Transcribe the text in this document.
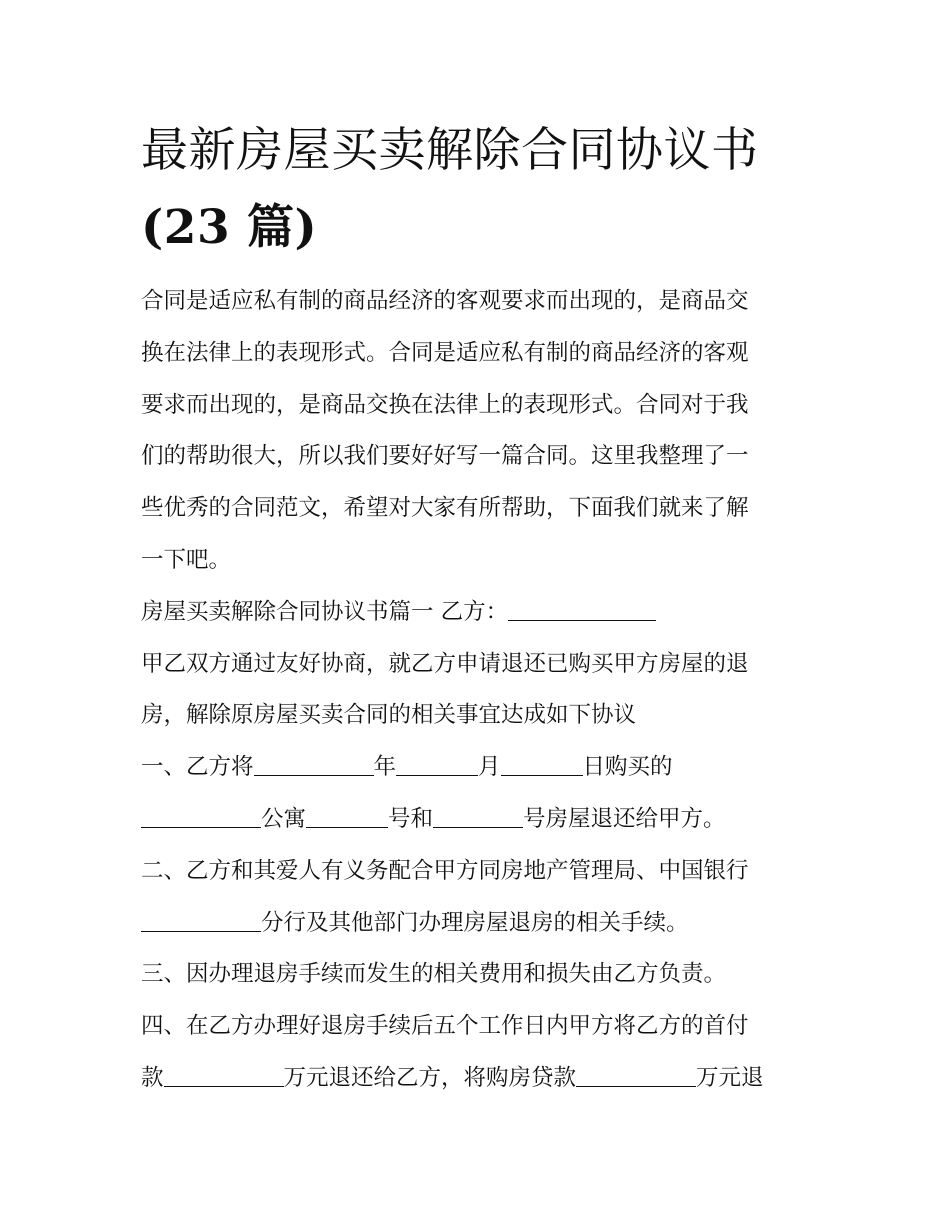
最新房屋买卖解除合同协议书
(23 篇)
合同是适应私有制的商品经济的客观要求而出现的，是商品交
换在法律上的表现形式。合同是适应私有制的商品经济的客观
要求而出现的，是商品交换在法律上的表现形式。合同对于我
们的帮助很大，所以我们要好好写一篇合同。这里我整理了一
些优秀的合同范文，希望对大家有所帮助，下面我们就来了解
一下吧。
房屋买卖解除合同协议书篇一 乙方：
甲乙双方通过友好协商，就乙方申请退还已购买甲方房屋的退
房，解除原房屋买卖合同的相关事宜达成如下协议
一、乙方将	年	月	日购买的
公寓	号和	号房屋退还给甲方。
二、乙方和其爱人有义务配合甲方同房地产管理局、中国银行
分行及其他部门办理房屋退房的相关手续。
三、因办理退房手续而发生的相关费用和损失由乙方负责。
四、在乙方办理好退房手续后五个工作日内甲方将乙方的首付
款	万元退还给乙方，将购房贷款	万元退
